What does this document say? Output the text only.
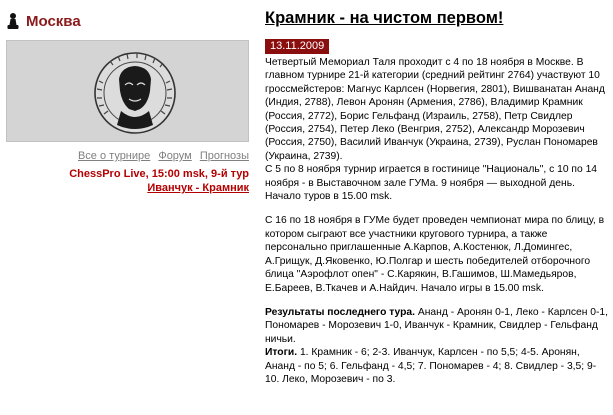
Москва
Все о турнире Форум Прогнозы
ChessPro Live, 15:00 msk, 9-й тур
Иванчук - Крамник
Крамник - на чистом первом!
13.11.2009

Четвертый Мемориал Таля проходит с 4 по 18 ноября в Москве. В главном турнире 21-й категории (средний рейтинг 2764) участвуют 10 гроссмейстеров: Магнус Карлсен (Норвегия, 2801), Вишванатан Ананд (Индия, 2788), Левон Аронян (Армения, 2786), Владимир Крамник (Россия, 2772), Борис Гельфанд (Израиль, 2758), Петр Свидлер (Россия, 2754), Петер Леко (Венгрия, 2752), Александр Морозевич (Россия, 2750), Василий Иванчук (Украина, 2739), Руслан Пономарев (Украина, 2739).
С 5 по 8 ноября турнир играется в гостинице "Националь", с 10 по 14 ноября - в Выставочном зале ГУМа. 9 ноября — выходной день. Начало туров в 15.00 msk.

С 16 по 18 ноября в ГУМе будет проведен чемпионат мира по блицу, в котором сыграют все участники кругового турнира, а также персонально приглашенные А.Карпов, А.Костенюк, Л.Домингес, А.Грищук, Д.Яковенко, Ю.Полгар и шесть победителей отборочного блица "Аэрофлот опен" - С.Карякин, В.Гашимов, Ш.Мамедьяров, Е.Бареев, В.Ткачев и А.Найдич. Начало игры в 15.00 msk.

Результаты последнего тура. Ананд - Аронян 0-1, Леко - Карлсен 0-1, Пономарев - Морозевич 1-0, Иванчук - Крамник, Свидлер - Гельфанд ничьи.
Итоги. 1. Крамник - 6; 2-3. Иванчук, Карлсен - по 5,5; 4-5. Аронян, Ананд - по 5; 6. Гельфанд - 4,5; 7. Пономарев - 4; 8. Свидлер - 3,5; 9-10. Леко, Морозевич - по 3.
